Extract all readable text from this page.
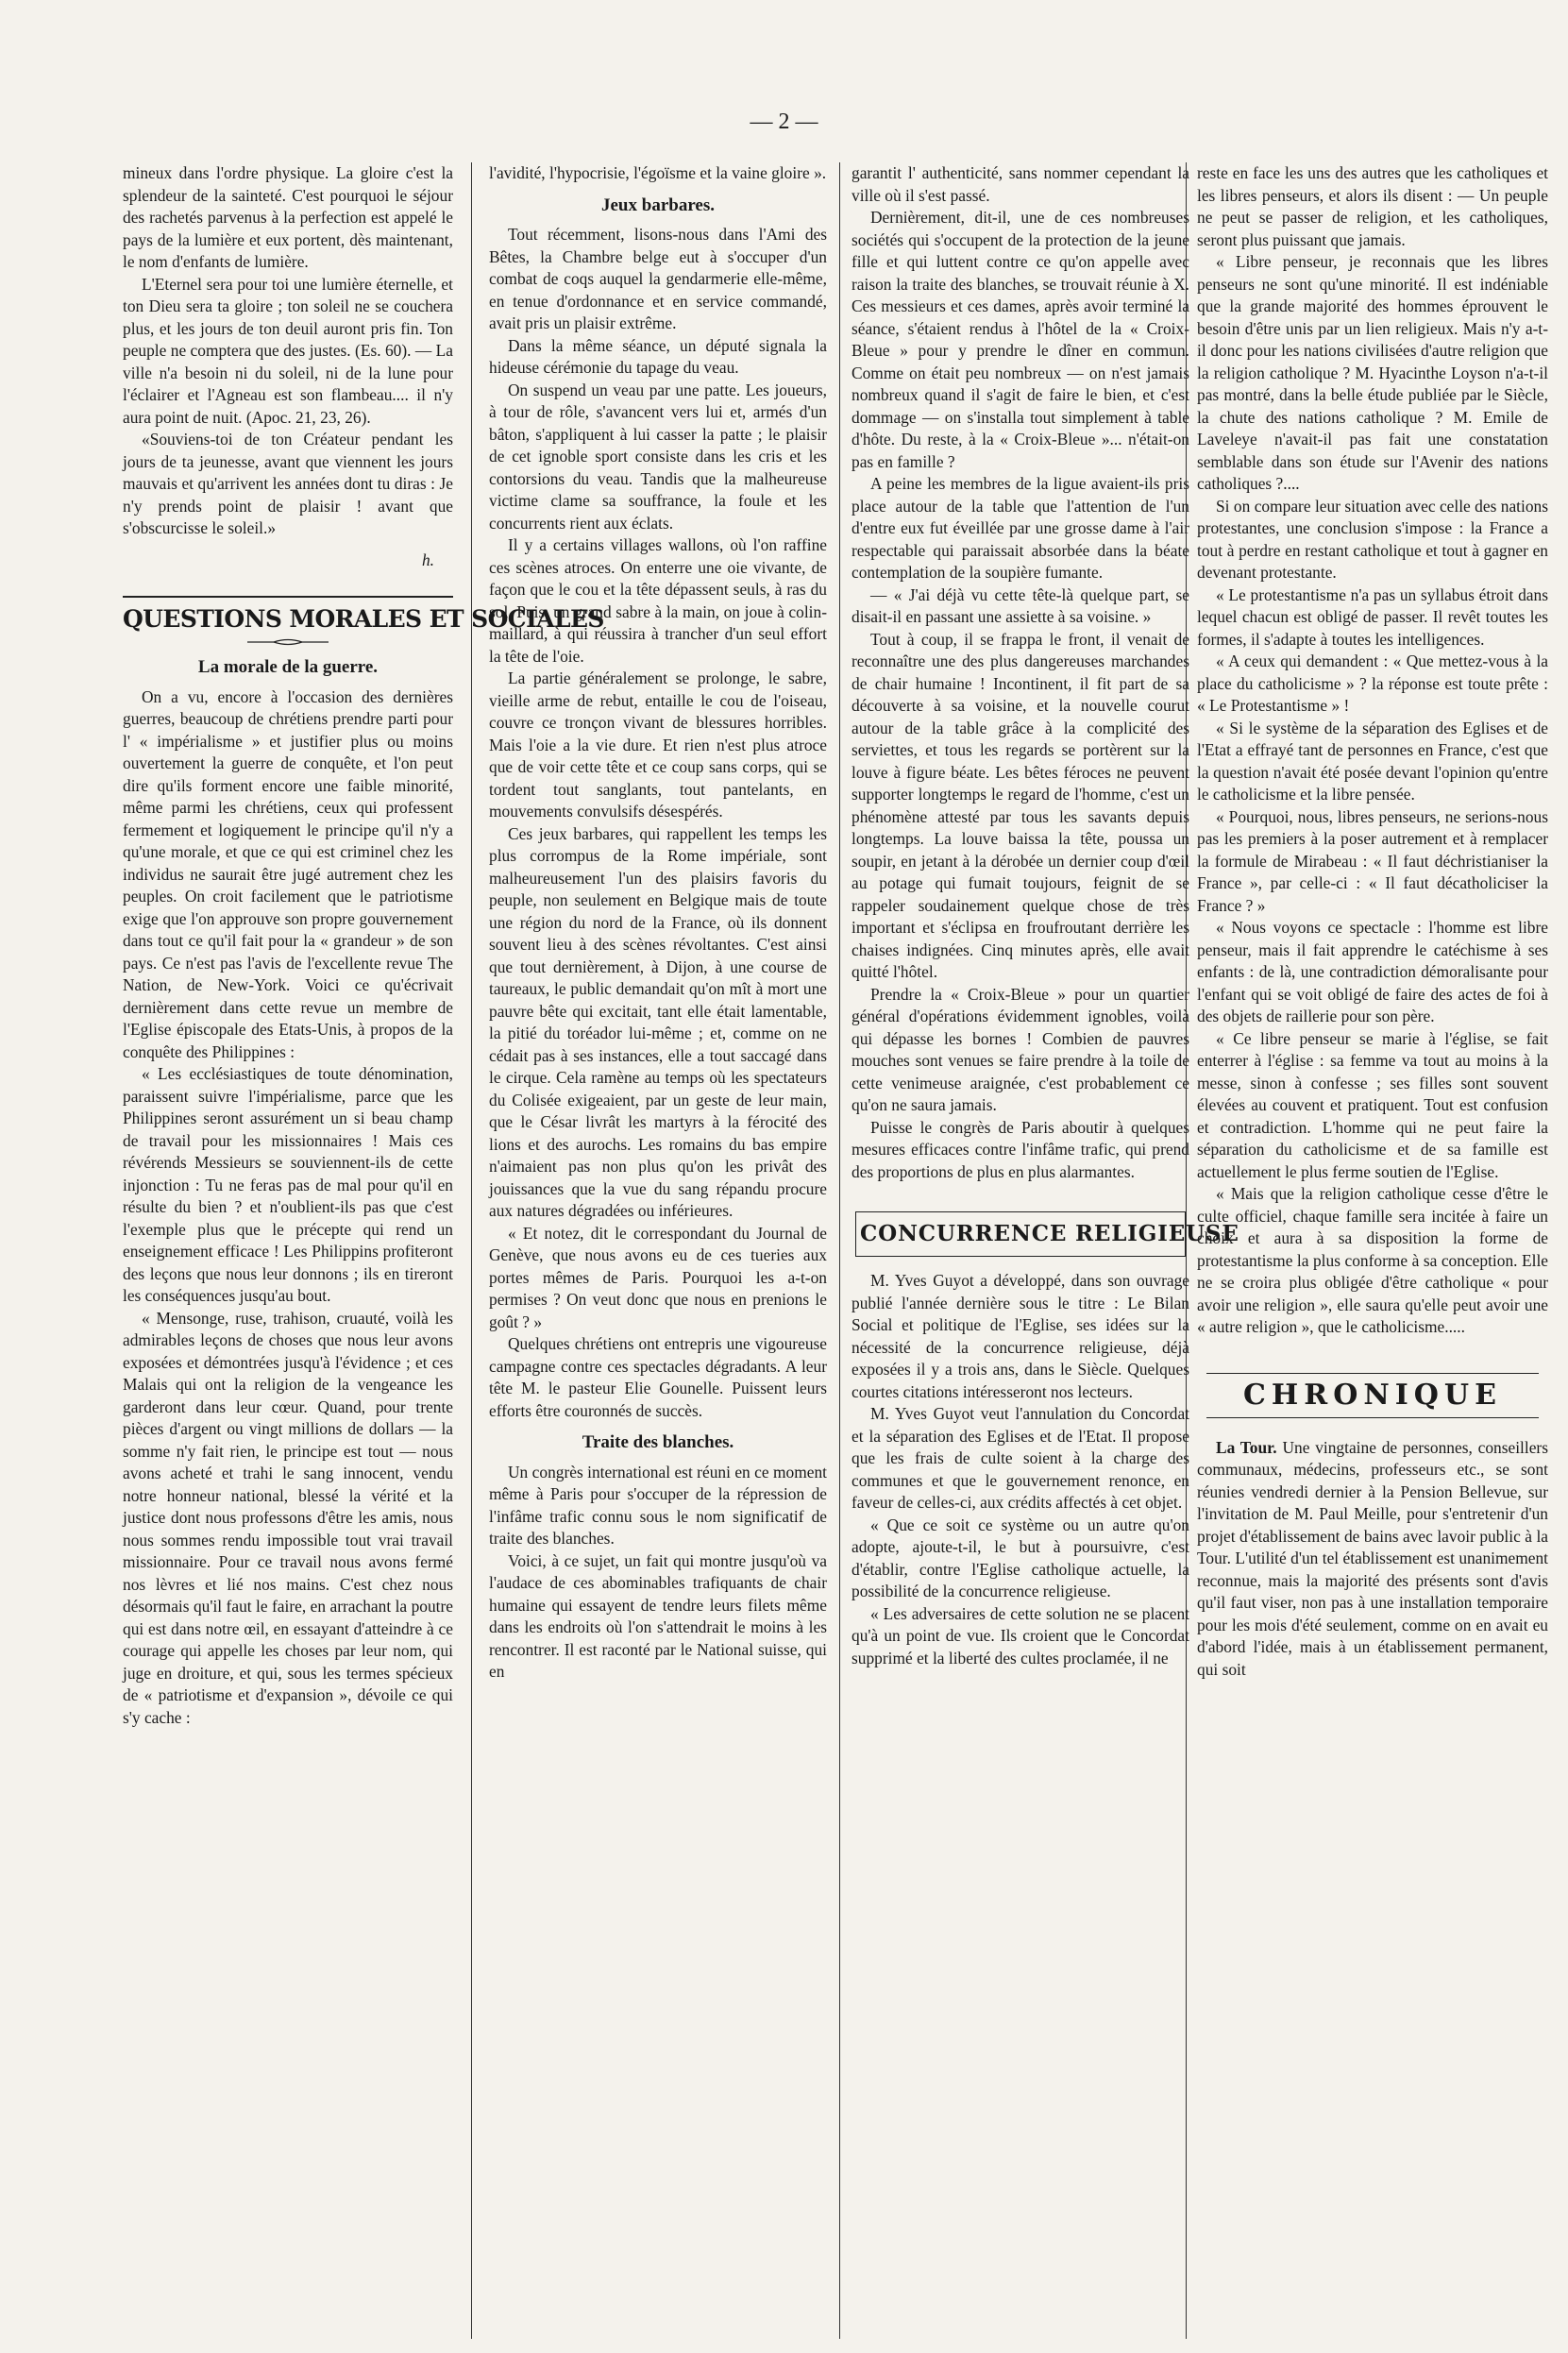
— 2 —

mineux dans l'ordre physique. La gloire c'est la splendeur de la sainteté. C'est pourquoi le séjour des rachetés parvenus à la perfection est appelé le pays de la lumière et eux portent, dès maintenant, le nom d'enfants de lumière.

L'Eternel sera pour toi une lumière éternelle, et ton Dieu sera ta gloire ; ton soleil ne se couchera plus, et les jours de ton deuil auront pris fin. Ton peuple ne comptera que des justes. (Es. 60). — La ville n'a besoin ni du soleil, ni de la lune pour l'éclairer et l'Agneau est son flambeau.... il n'y aura point de nuit. (Apoc. 21, 23, 26).

«Souviens-toi de ton Créateur pendant les jours de ta jeunesse, avant que viennent les jours mauvais et qu'arrivent les années dont tu diras : Je n'y prends point de plaisir ! avant que s'obscurcisse le soleil.»

h.
QUESTIONS MORALES ET SOCIALES
La morale de la guerre.

On a vu, encore à l'occasion des dernières guerres, beaucoup de chrétiens prendre parti pour l' « impérialisme » et justifier plus ou moins ouvertement la guerre de conquête, et l'on peut dire qu'ils forment encore une faible minorité, même parmi les chrétiens, ceux qui professent fermement et logiquement le principe qu'il n'y a qu'une morale, et que ce qui est criminel chez les individus ne saurait être jugé autrement chez les peuples. On croit facilement que le patriotisme exige que l'on approuve son propre gouvernement dans tout ce qu'il fait pour la « grandeur » de son pays. Ce n'est pas l'avis de l'excellente revue The Nation, de New-York. Voici ce qu'écrivait dernièrement dans cette revue un membre de l'Eglise épiscopale des Etats-Unis, à propos de la conquête des Philippines :

« Les ecclésiastiques de toute dénomination, paraissent suivre l'impérialisme, parce que les Philippines seront assurément un si beau champ de travail pour les missionnaires ! Mais ces révérends Messieurs se souviennent-ils de cette injonction : Tu ne feras pas de mal pour qu'il en résulte du bien ? et n'oublient-ils pas que c'est l'exemple plus que le précepte qui rend un enseignement efficace ! Les Philippins profiteront des leçons que nous leur donnons ; ils en tireront les conséquences jusqu'au bout.

« Mensonge, ruse, trahison, cruauté, voilà les admirables leçons de choses que nous leur avons exposées et démontrées jusqu'à l'évidence ; et ces Malais qui ont la religion de la vengeance les garderont dans leur cœur. Quand, pour trente pièces d'argent ou vingt millions de dollars — la somme n'y fait rien, le principe est tout — nous avons acheté et trahi le sang innocent, vendu notre honneur national, blessé la vérité et la justice dont nous professons d'être les amis, nous nous sommes rendu impossible tout vrai travail missionnaire. Pour ce travail nous avons fermé nos lèvres et lié nos mains. C'est chez nous désormais qu'il faut le faire, en arrachant la poutre qui est dans notre œil, en essayant d'atteindre à ce courage qui appelle les choses par leur nom, qui juge en droiture, et qui, sous les termes spécieux de « patriotisme et d'expansion », dévoile ce qui s'y cache :

l'avidité, l'hypocrisie, l'égoïsme et la vaine gloire ».

Jeux barbares.

Tout récemment, lisons-nous dans l'Ami des Bêtes, la Chambre belge eut à s'occuper d'un combat de coqs auquel la gendarmerie elle-même, en tenue d'ordonnance et en service commandé, avait pris un plaisir extrême.

Dans la même séance, un député signala la hideuse cérémonie du tapage du veau.

On suspend un veau par une patte. Les joueurs, à tour de rôle, s'avancent vers lui et, armés d'un bâton, s'appliquent à lui casser la patte ; le plaisir de cet ignoble sport consiste dans les cris et les contorsions du veau. Tandis que la malheureuse victime clame sa souffrance, la foule et les concurrents rient aux éclats.

Il y a certains villages wallons, où l'on raffine ces scènes atroces. On enterre une oie vivante, de façon que le cou et la tête dépassent seuls, à ras du sol. Puis, un grand sabre à la main, on joue à colin-maillard, à qui réussira à trancher d'un seul effort la tête de l'oie.

La partie généralement se prolonge, le sabre, vieille arme de rebut, entaille le cou de l'oiseau, couvre ce tronçon vivant de blessures horribles. Mais l'oie a la vie dure. Et rien n'est plus atroce que de voir cette tête et ce coup sans corps, qui se tordent tout sanglants, tout pantelants, en mouvements convulsifs désespérés.

Ces jeux barbares, qui rappellent les temps les plus corrompus de la Rome impériale, sont malheureusement l'un des plaisirs favoris du peuple, non seulement en Belgique mais de toute une région du nord de la France, où ils donnent souvent lieu à des scènes révoltantes. C'est ainsi que tout dernièrement, à Dijon, à une course de taureaux, le public demandait qu'on mît à mort une pauvre bête qui excitait, tant elle était lamentable, la pitié du toréador lui-même ; et, comme on ne cédait pas à ses instances, elle a tout saccagé dans le cirque. Cela ramène au temps où les spectateurs du Colisée exigeaient, par un geste de leur main, que le César livrât les martyrs à la férocité des lions et des aurochs. Les romains du bas empire n'aimaient pas non plus qu'on les privât des jouissances que la vue du sang répandu procure aux natures dégradées ou inférieures.

« Et notez, dit le correspondant du Journal de Genève, que nous avons eu de ces tueries aux portes mêmes de Paris. Pourquoi les a-t-on permises ? On veut donc que nous en prenions le goût ? »

Quelques chrétiens ont entrepris une vigoureuse campagne contre ces spectacles dégradants. A leur tête M. le pasteur Elie Gounelle. Puissent leurs efforts être couronnés de succès.

Traite des blanches.

Un congrès international est réuni en ce moment même à Paris pour s'occuper de la répression de l'infâme trafic connu sous le nom significatif de traite des blanches.

Voici, à ce sujet, un fait qui montre jusqu'où va l'audace de ces abominables trafiquants de chair humaine qui essayent de tendre leurs filets même dans les endroits où l'on s'attendrait le moins à les rencontrer. Il est raconté par le National suisse, qui en

garantit l' authenticité, sans nommer cependant la ville où il s'est passé.

Dernièrement, dit-il, une de ces nombreuses sociétés qui s'occupent de la protection de la jeune fille et qui luttent contre ce qu'on appelle avec raison la traite des blanches, se trouvait réunie à X. Ces messieurs et ces dames, après avoir terminé la séance, s'étaient rendus à l'hôtel de la « Croix-Bleue » pour y prendre le dîner en commun. Comme on était peu nombreux — on n'est jamais nombreux quand il s'agit de faire le bien, et c'est dommage — on s'installa tout simplement à table d'hôte. Du reste, à la « Croix-Bleue »... n'était-on pas en famille ?

A peine les membres de la ligue avaient-ils pris place autour de la table que l'attention de l'un d'entre eux fut éveillée par une grosse dame à l'air respectable qui paraissait absorbée dans la béate contemplation de la soupière fumante.

— « J'ai déjà vu cette tête-là quelque part, se disait-il en passant une assiette à sa voisine. »

Tout à coup, il se frappa le front, il venait de reconnaître une des plus dangereuses marchandes de chair humaine ! Incontinent, il fit part de sa découverte à sa voisine, et la nouvelle courut autour de la table grâce à la complicité des serviettes, et tous les regards se portèrent sur la louve à figure béate. Les bêtes féroces ne peuvent supporter longtemps le regard de l'homme, c'est un phénomène attesté par tous les savants depuis longtemps. La louve baissa la tête, poussa un soupir, en jetant à la dérobée un dernier coup d'œil au potage qui fumait toujours, feignit de se rappeler soudainement quelque chose de très important et s'éclipsa en froufroutant derrière les chaises indignées. Cinq minutes après, elle avait quitté l'hôtel.

Prendre la « Croix-Bleue » pour un quartier général d'opérations évidemment ignobles, voilà qui dépasse les bornes ! Combien de pauvres mouches sont venues se faire prendre à la toile de cette venimeuse araignée, c'est probablement ce qu'on ne saura jamais.

Puisse le congrès de Paris aboutir à quelques mesures efficaces contre l'infâme trafic, qui prend des proportions de plus en plus alarmantes.

CONCURRENCE RELIGIEUSE

M. Yves Guyot a développé, dans son ouvrage publié l'année dernière sous le titre : Le Bilan Social et politique de l'Eglise, ses idées sur la nécessité de la concurrence religieuse, déjà exposées il y a trois ans, dans le Siècle. Quelques courtes citations intéresseront nos lecteurs.

M. Yves Guyot veut l'annulation du Concordat et la séparation des Eglises et de l'Etat. Il propose que les frais de culte soient à la charge des communes et que le gouvernement renonce, en faveur de celles-ci, aux crédits affectés à cet objet.

« Que ce soit ce système ou un autre qu'on adopte, ajoute-t-il, le but à poursuivre, c'est d'établir, contre l'Eglise catholique actuelle, la possibilité de la concurrence religieuse.

« Les adversaires de cette solution ne se placent qu'à un point de vue. Ils croient que le Concordat supprimé et la liberté des cultes proclamée, il ne

reste en face les uns des autres que les catholiques et les libres penseurs, et alors ils disent : — Un peuple ne peut se passer de religion, et les catholiques, seront plus puissant que jamais.

« Libre penseur, je reconnais que les libres penseurs ne sont qu'une minorité. Il est indéniable que la grande majorité des hommes éprouvent le besoin d'être unis par un lien religieux. Mais n'y a-t-il donc pour les nations civilisées d'autre religion que la religion catholique ? M. Hyacinthe Loyson n'a-t-il pas montré, dans la belle étude publiée par le Siècle, la chute des nations catholique ? M. Emile de Laveleye n'avait-il pas fait une constatation semblable dans son étude sur l'Avenir des nations catholiques ?....

Si on compare leur situation avec celle des nations protestantes, une conclusion s'impose : la France a tout à perdre en restant catholique et tout à gagner en devenant protestante.

« Le protestantisme n'a pas un syllabus étroit dans lequel chacun est obligé de passer. Il revêt toutes les formes, il s'adapte à toutes les intelligences.

« A ceux qui demandent : « Que mettez-vous à la place du catholicisme » ? la réponse est toute prête : « Le Protestantisme » !

« Si le système de la séparation des Eglises et de l'Etat a effrayé tant de personnes en France, c'est que la question n'avait été posée devant l'opinion qu'entre le catholicisme et la libre pensée.

« Pourquoi, nous, libres penseurs, ne serions-nous pas les premiers à la poser autrement et à remplacer la formule de Mirabeau : « Il faut déchristianiser la France », par celle-ci : « Il faut décatholiciser la France ? »

« Nous voyons ce spectacle : l'homme est libre penseur, mais il fait apprendre le catéchisme à ses enfants : de là, une contradiction démoralisante pour l'enfant qui se voit obligé de faire des actes de foi à des objets de raillerie pour son père.

« Ce libre penseur se marie à l'église, se fait enterrer à l'église : sa femme va tout au moins à la messe, sinon à confesse ; ses filles sont souvent élevées au couvent et pratiquent. Tout est confusion et contradiction. L'homme qui ne peut faire la séparation du catholicisme et de sa famille est actuellement le plus ferme soutien de l'Eglise.

« Mais que la religion catholique cesse d'être le culte officiel, chaque famille sera incitée à faire un choix et aura à sa disposition la forme de protestantisme la plus conforme à sa conception. Elle ne se croira plus obligée d'être catholique « pour avoir une religion », elle saura qu'elle peut avoir une « autre religion », que le catholicisme.....

CHRONIQUE

La Tour. Une vingtaine de personnes, conseillers communaux, médecins, professeurs etc., se sont réunies vendredi dernier à la Pension Bellevue, sur l'invitation de M. Paul Meille, pour s'entretenir d'un projet d'établissement de bains avec lavoir public à la Tour. L'utilité d'un tel établissement est unanimement reconnue, mais la majorité des présents sont d'avis qu'il faut viser, non pas à une installation temporaire pour les mois d'été seulement, comme on en avait eu d'abord l'idée, mais à un établissement permanent, qui soit
